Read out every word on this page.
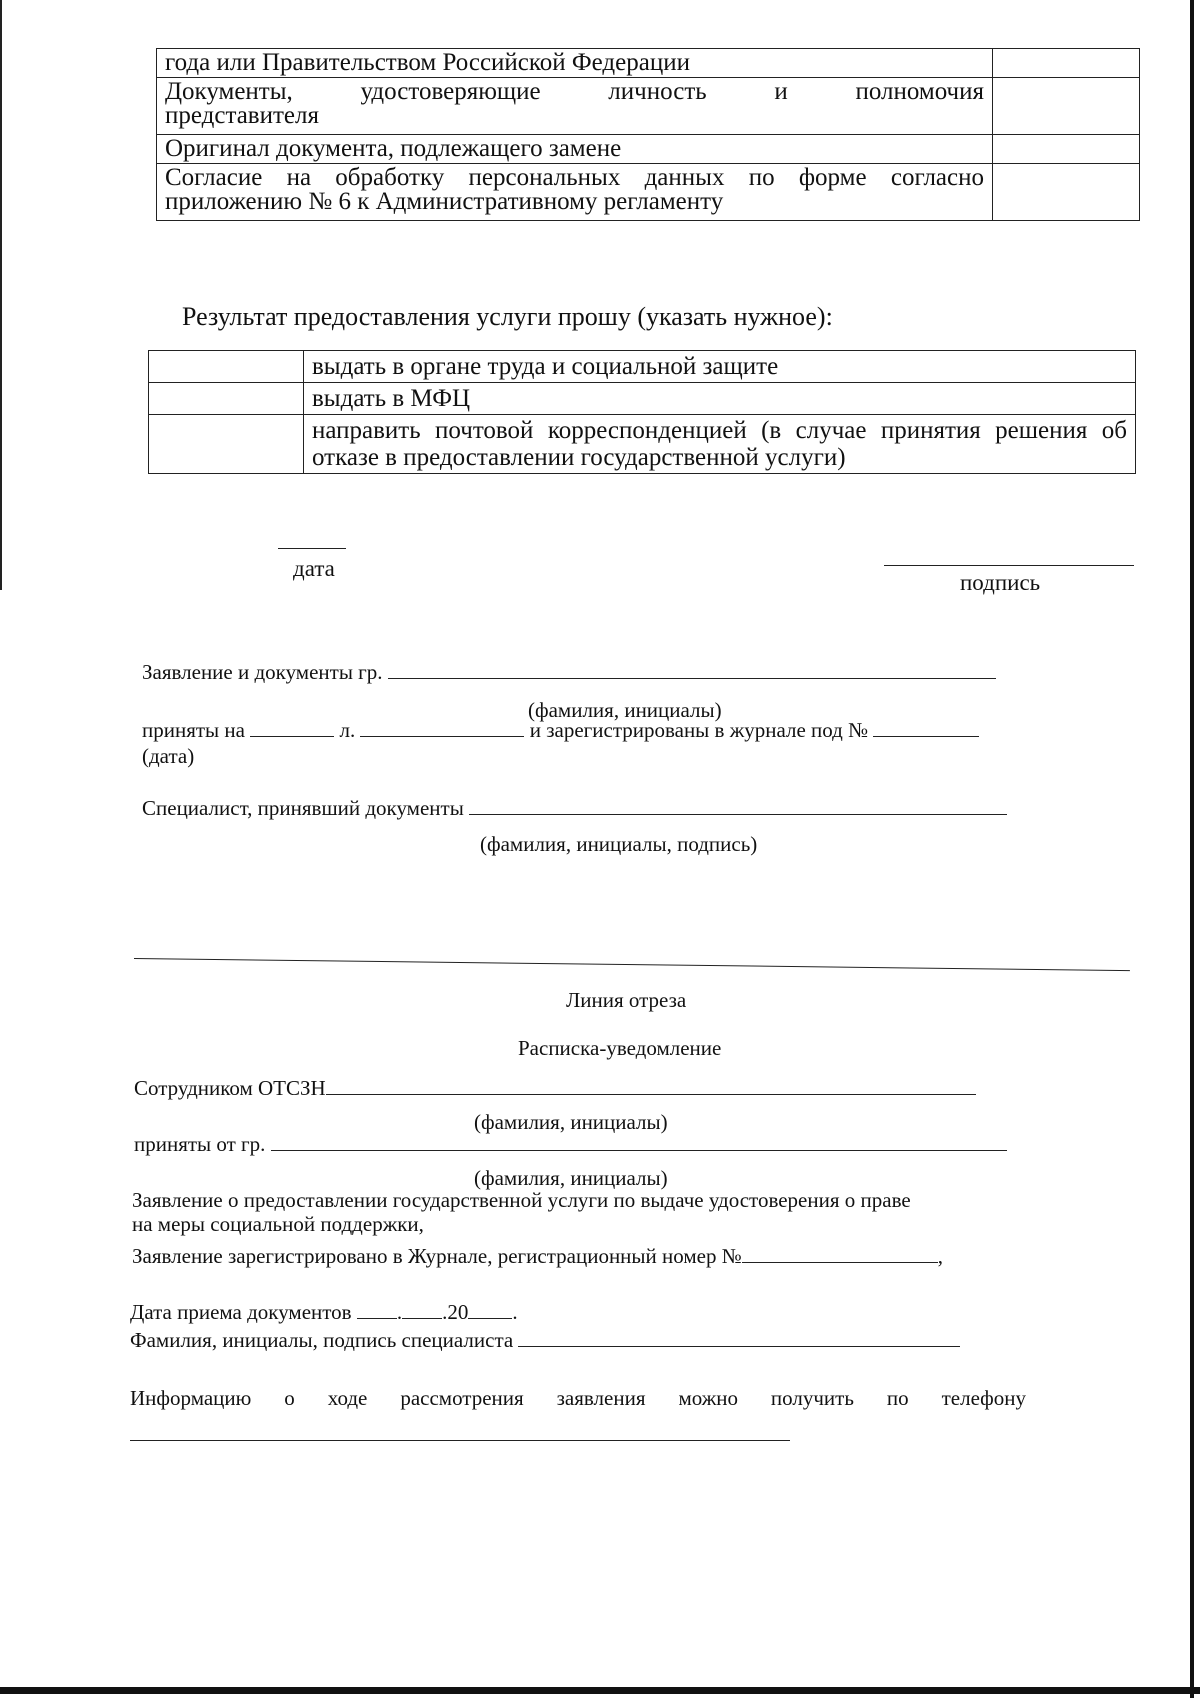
года или Правительством Российской Федерации	
Документы, удостоверяющие личность и полномочия представителя	
Оригинал документа, подлежащего замене	
Согласие на обработку персональных данных по форме согласно приложению № 6 к Административному регламенту	
Результат предоставления услуги прошу (указать нужное):
	выдать в органе труда и социальной защите
	выдать в МФЦ
	направить почтовой корреспонденцией (в случае принятия решения об отказе в предоставлении государственной услуги)
дата
подпись
Заявление и документы гр.
(фамилия, инициалы)
приняты на	л.	и зарегистрированы в журнале под №
(дата)
Специалист, принявший документы
(фамилия, инициалы, подпись)
Линия отреза
Расписка-уведомление
Сотрудником ОТСЗН
(фамилия, инициалы)
приняты от гр.
(фамилия, инициалы)
Заявление о предоставлении государственной услуги по выдаче удостоверения о праве
на меры социальной поддержки,
Заявление зарегистрировано в Журнале, регистрационный номер №	,
Дата приема документов . .20 .
Фамилия, инициалы, подпись специалиста
Информацию о ходе рассмотрения заявления можно получить по телефону
